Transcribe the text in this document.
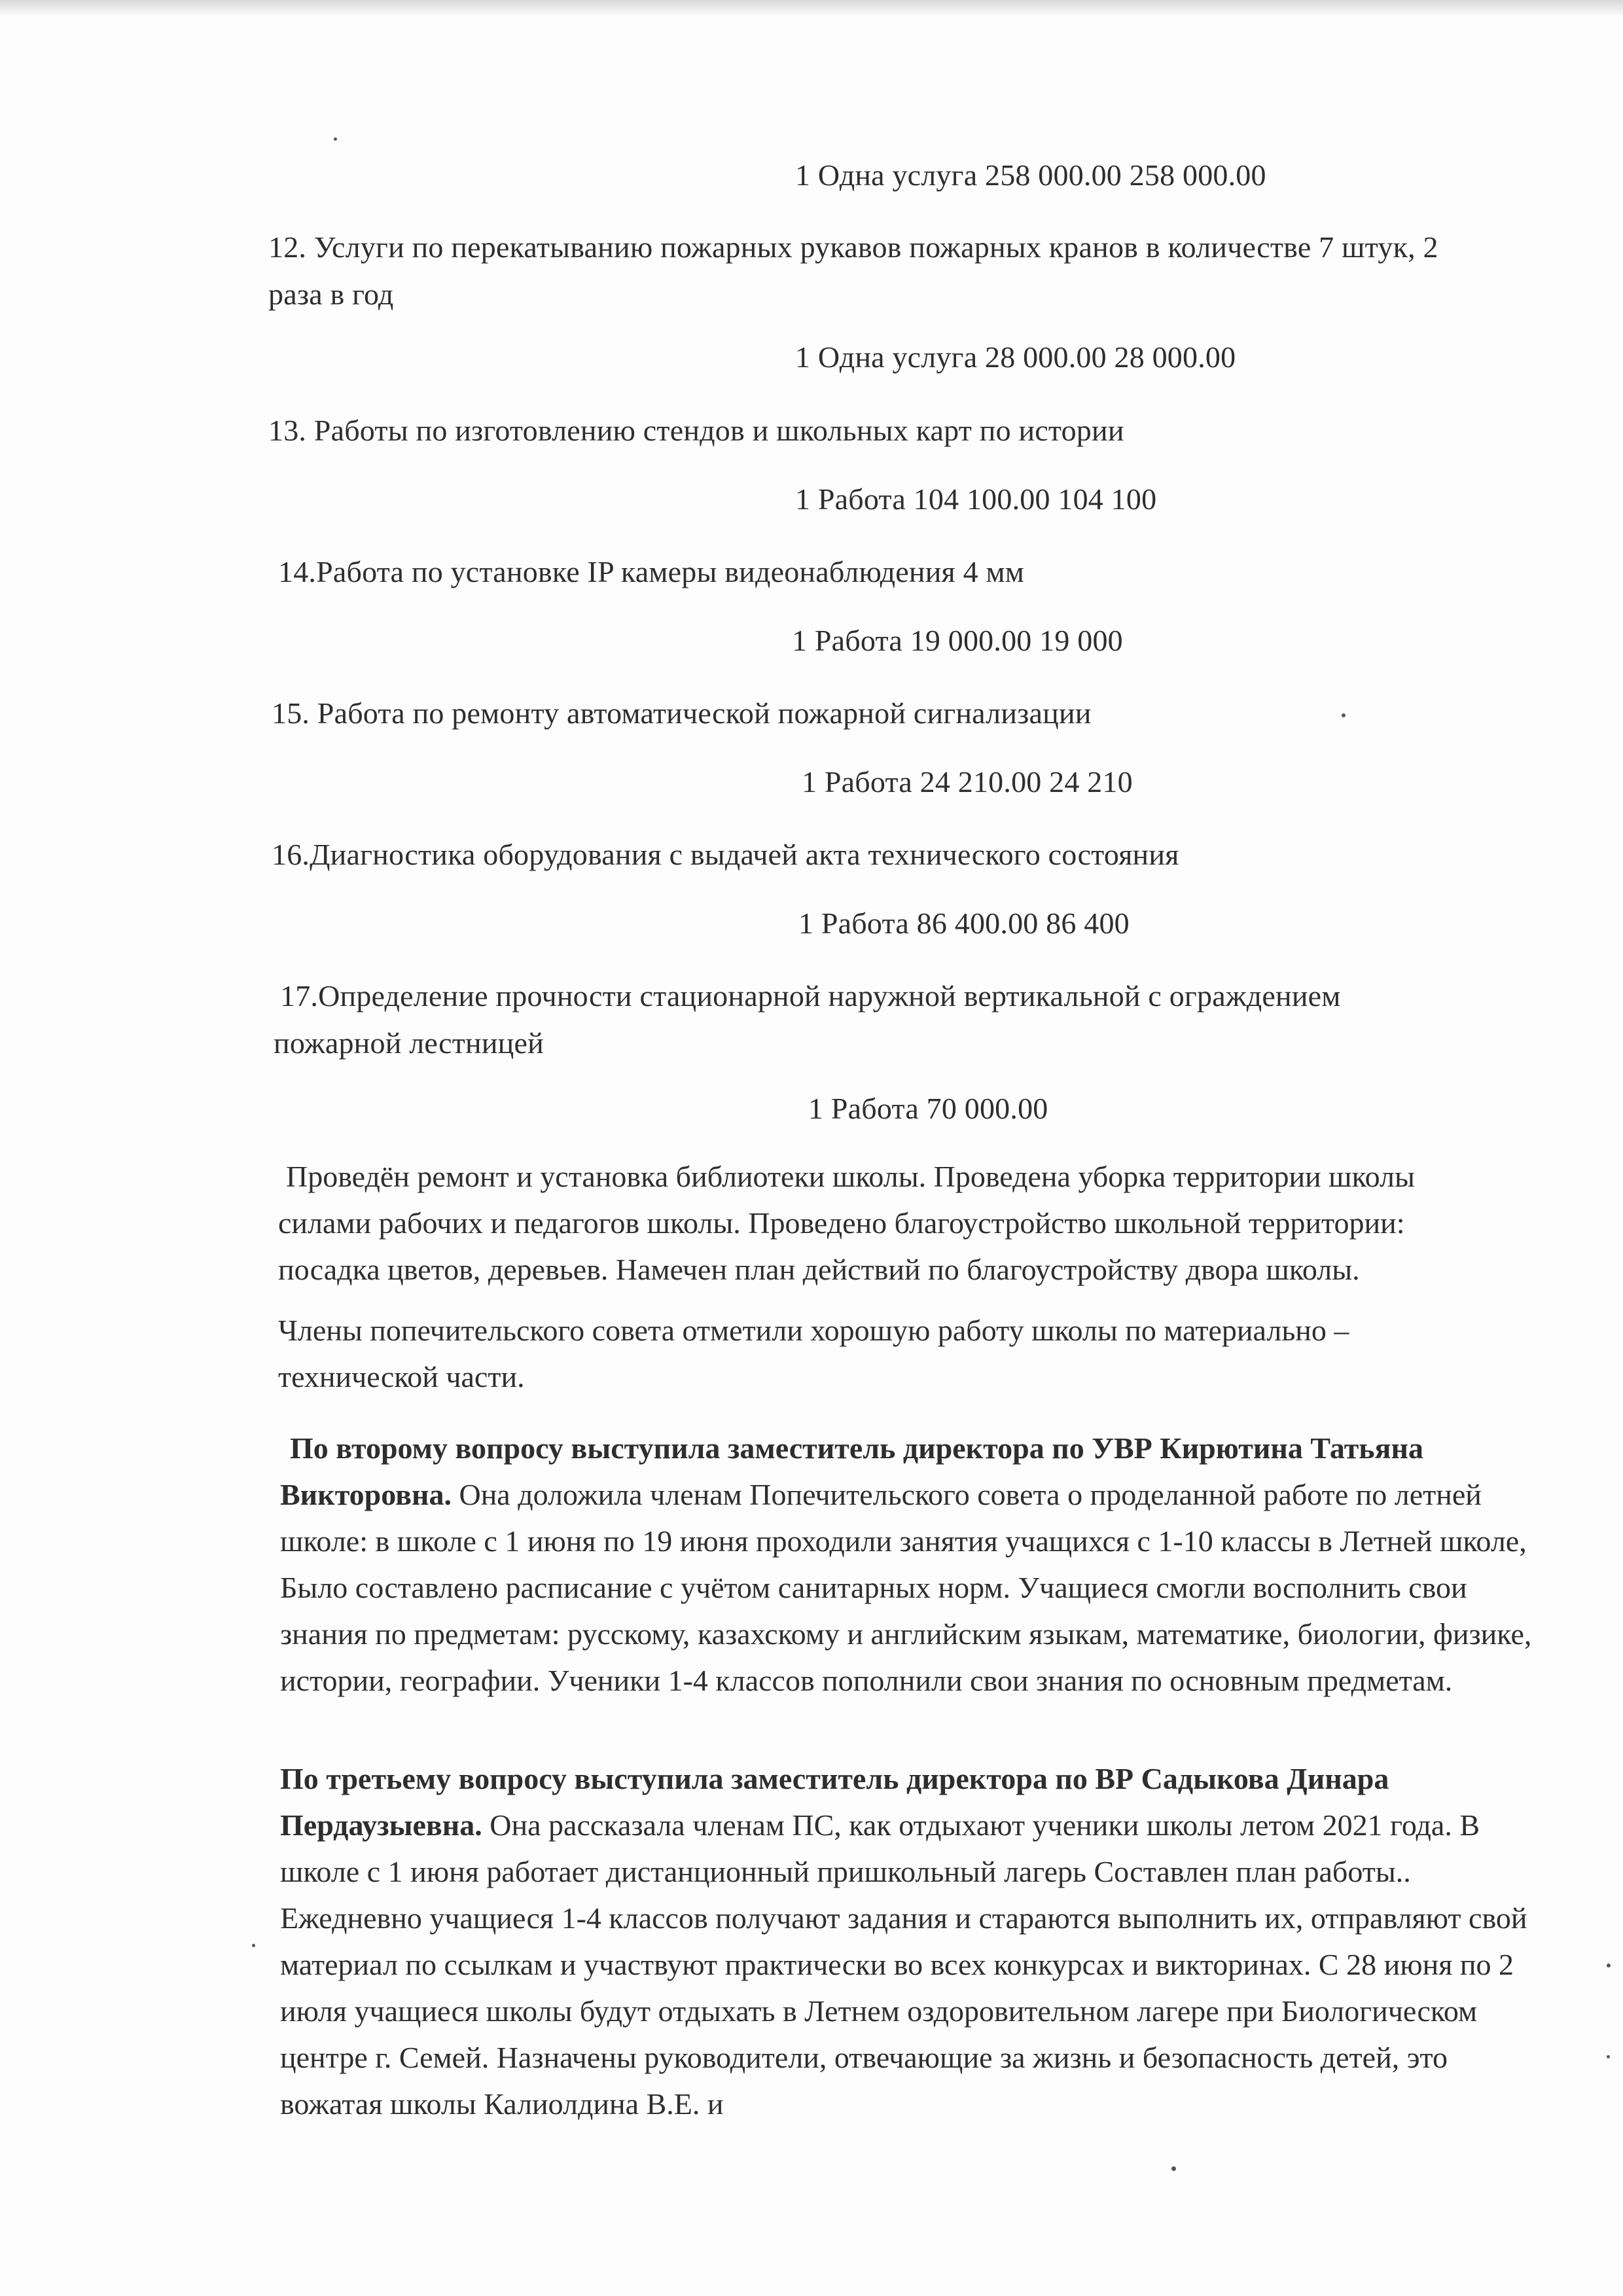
1 Одна услуга 258 000.00 258 000.00
12. Услуги по перекатыванию пожарных рукавов пожарных кранов в количестве 7 штук, 2
раза в год
1 Одна услуга 28 000.00 28 000.00
13. Работы по изготовлению стендов и школьных карт по истории
1 Работа 104 100.00 104 100
14.Работа по установке IP камеры видеонаблюдения 4 мм
1 Работа 19 000.00 19 000
15. Работа по ремонту автоматической пожарной сигнализации
1 Работа 24 210.00 24 210
16.Диагностика оборудования с выдачей акта технического состояния
1 Работа 86 400.00 86 400
17.Определение прочности стационарной наружной вертикальной с ограждением
пожарной лестницей
1 Работа 70 000.00
Проведён ремонт и установка библиотеки школы. Проведена уборка территории школы силами рабочих и педагогов школы. Проведено благоустройство школьной территории: посадка цветов, деревьев. Намечен план действий по благоустройству двора школы.
Члены попечительского совета отметили хорошую работу школы по материально – технической части.
По второму вопросу выступила заместитель директора по УВР Кирютина Татьяна Викторовна. Она доложила членам Попечительского совета о проделанной работе по летней школе: в школе с 1 июня по 19 июня проходили занятия учащихся с 1-10 классы в Летней школе, Было составлено расписание с учётом санитарных норм. Учащиеся смогли восполнить свои знания по предметам: русскому, казахскому и английским языкам, математике, биологии, физике, истории, географии. Ученики 1-4 классов пополнили свои знания по основным предметам.
По третьему вопросу выступила заместитель директора по ВР Садыкова Динара Пердаузыевна. Она рассказала членам ПС, как отдыхают ученики школы летом 2021 года. В школе с 1 июня работает дистанционный пришкольный лагерь Составлен план работы.. Ежедневно учащиеся 1-4 классов получают задания и стараются выполнить их, отправляют свой материал по ссылкам и участвуют практически во всех конкурсах и викторинах. С 28 июня по 2 июля учащиеся школы будут отдыхать в Летнем оздоровительном лагере при Биологическом центре г. Семей. Назначены руководители, отвечающие за жизнь и безопасность детей, это вожатая школы Калиолдина В.Е. и
